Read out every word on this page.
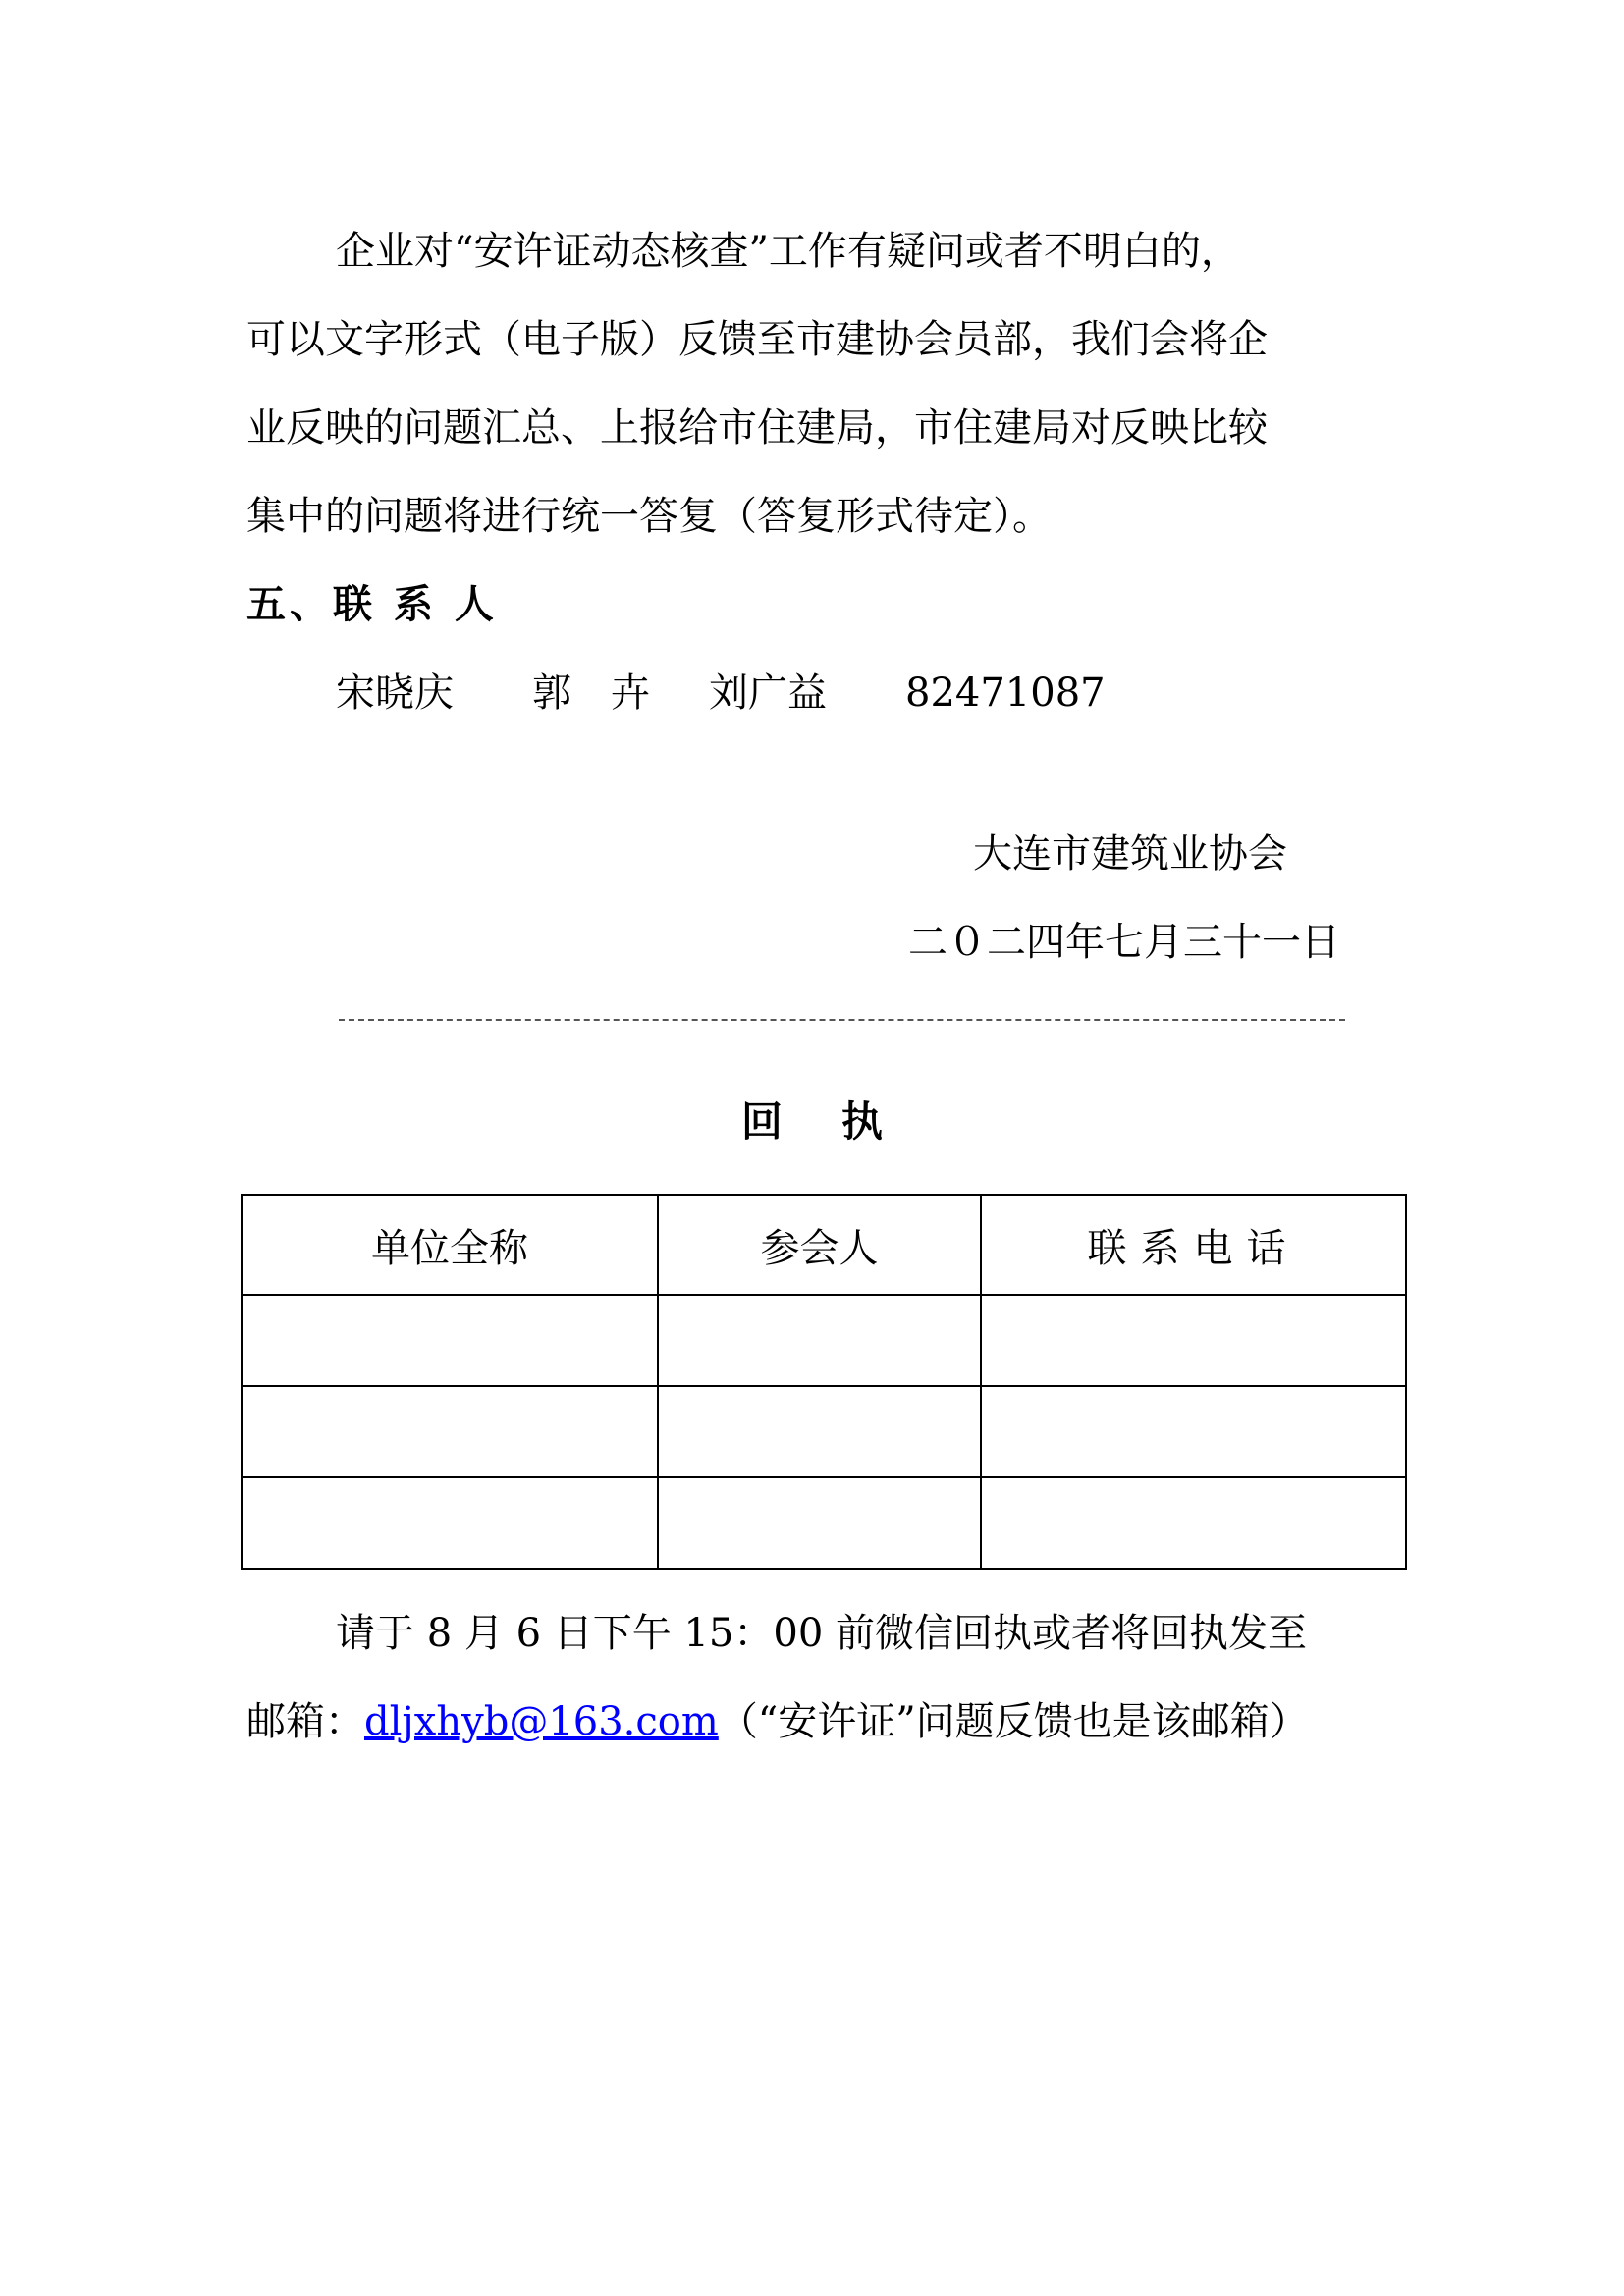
企业对“安许证动态核查”工作有疑问或者不明白的，
可以文字形式（电子版）反馈至市建协会员部，我们会将企
业反映的问题汇总、上报给市住建局，市住建局对反映比较
集中的问题将进行统一答复（答复形式待定）。
五、联 系 人
宋晓庆	郭　卉	刘广益	82471087
大连市建筑业协会
二０二四年七月三十一日
回执
单位全称	参会人	联系电话

请于 8 月 6 日下午 15：00 前微信回执或者将回执发至
邮箱：dljxhyb@163.com（“安许证”问题反馈也是该邮箱）
